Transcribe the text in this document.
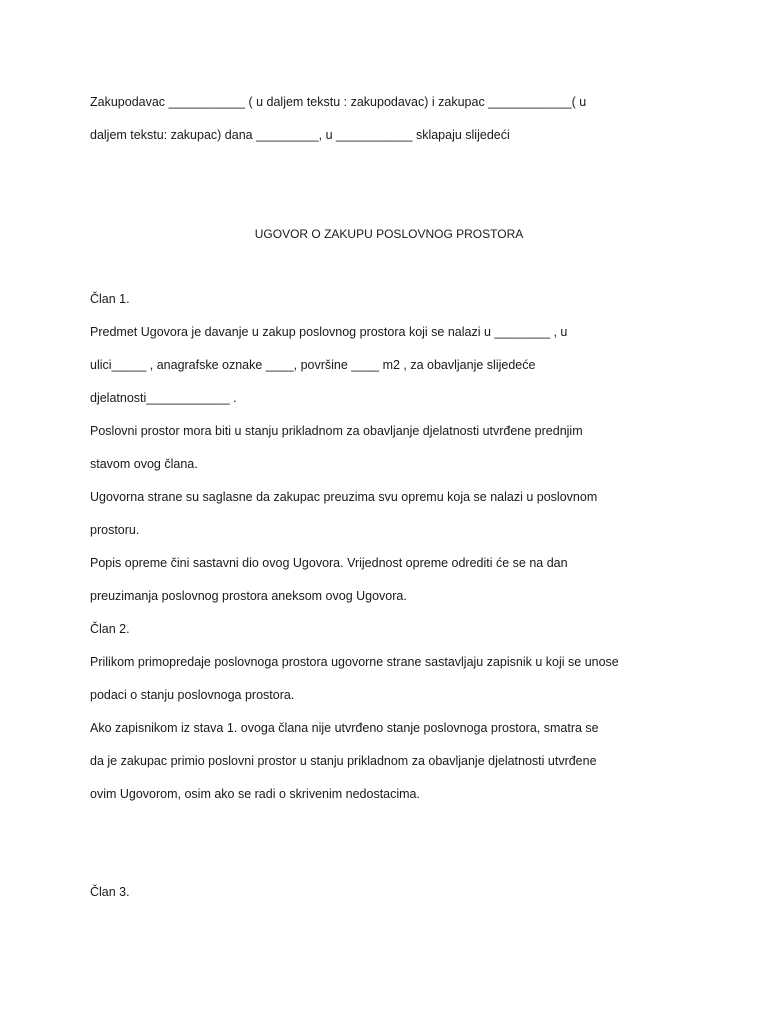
Zakupodavac ___________ ( u daljem tekstu : zakupodavac) i zakupac ____________( u
daljem tekstu: zakupac) dana _________, u ___________ sklapaju slijedeći
UGOVOR O ZAKUPU POSLOVNOG PROSTORA
Član 1.
Predmet Ugovora je davanje u zakup poslovnog prostora koji se nalazi u ________ , u
ulici_____ , anagrafske oznake ____, površine ____ m2 , za obavljanje slijedeće
djelatnosti____________ .
Poslovni prostor mora biti u stanju prikladnom za obavljanje djelatnosti utvrđene prednjim
stavom ovog člana.
Ugovorna strane su saglasne da zakupac preuzima svu opremu koja se nalazi u poslovnom
prostoru.
Popis opreme čini sastavni dio ovog Ugovora. Vrijednost opreme odrediti će se na dan
preuzimanja poslovnog prostora aneksom ovog Ugovora.
Član 2.
Prilikom primopredaje poslovnoga prostora ugovorne strane sastavljaju zapisnik u koji se unose
podaci o stanju poslovnoga prostora.
Ako zapisnikom iz stava 1. ovoga člana nije utvrđeno stanje poslovnoga prostora, smatra se
da je zakupac primio poslovni prostor u stanju prikladnom za obavljanje djelatnosti utvrđene
ovim Ugovorom, osim ako se radi o skrivenim nedostacima.
Član 3.
